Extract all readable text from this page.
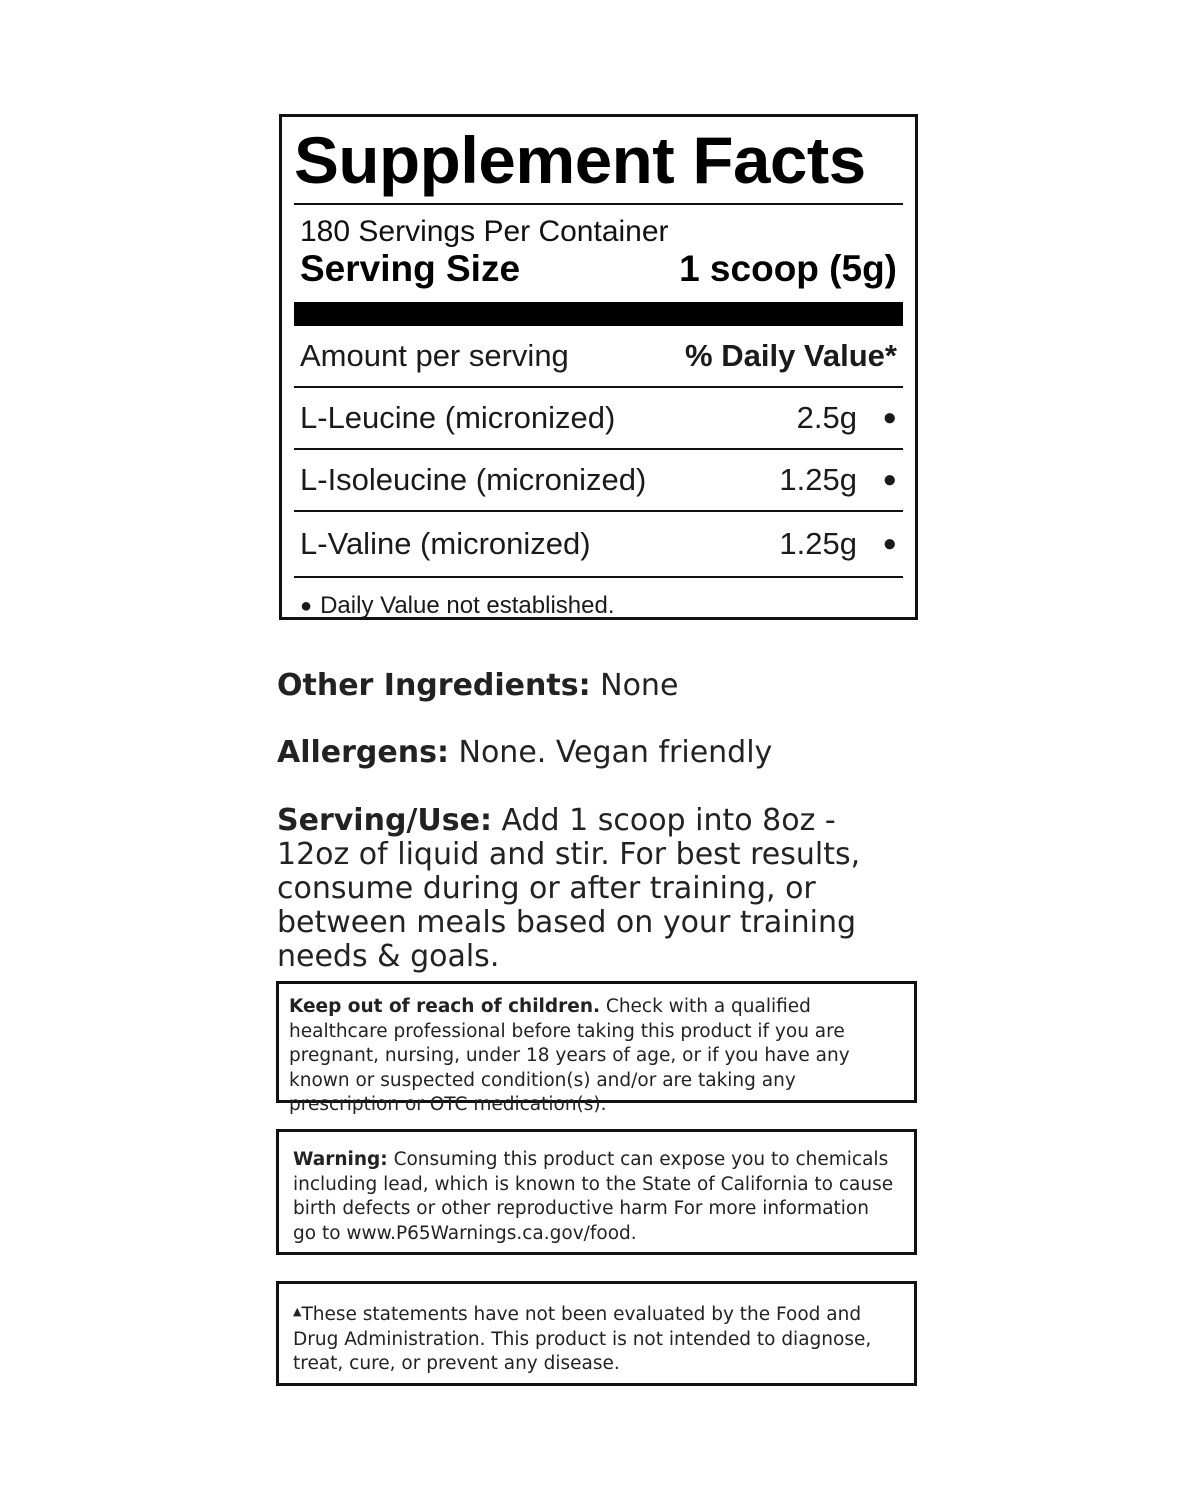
Supplement Facts
180 Servings Per Container
Serving Size	1 scoop (5g)
Amount per serving	% Daily Value*
L-Leucine (micronized)	2.5g	●
L-Isoleucine (micronized)	1.25g	●
L-Valine (micronized)	1.25g	●
● Daily Value not established.
Other Ingredients: None
Allergens: None. Vegan friendly
Serving/Use: Add 1 scoop into 8oz - 12oz of liquid and stir. For best results, consume during or after training, or between meals based on your training needs & goals.
Keep out of reach of children. Check with a qualified healthcare professional before taking this product if you are pregnant, nursing, under 18 years of age, or if you have any known or suspected condition(s) and/or are taking any prescription or OTC medication(s).
Warning: Consuming this product can expose you to chemicals including lead, which is known to the State of California to cause birth defects or other reproductive harm For more information go to www.P65Warnings.ca.gov/food.
▲These statements have not been evaluated by the Food and Drug Administration. This product is not intended to diagnose, treat, cure, or prevent any disease.
